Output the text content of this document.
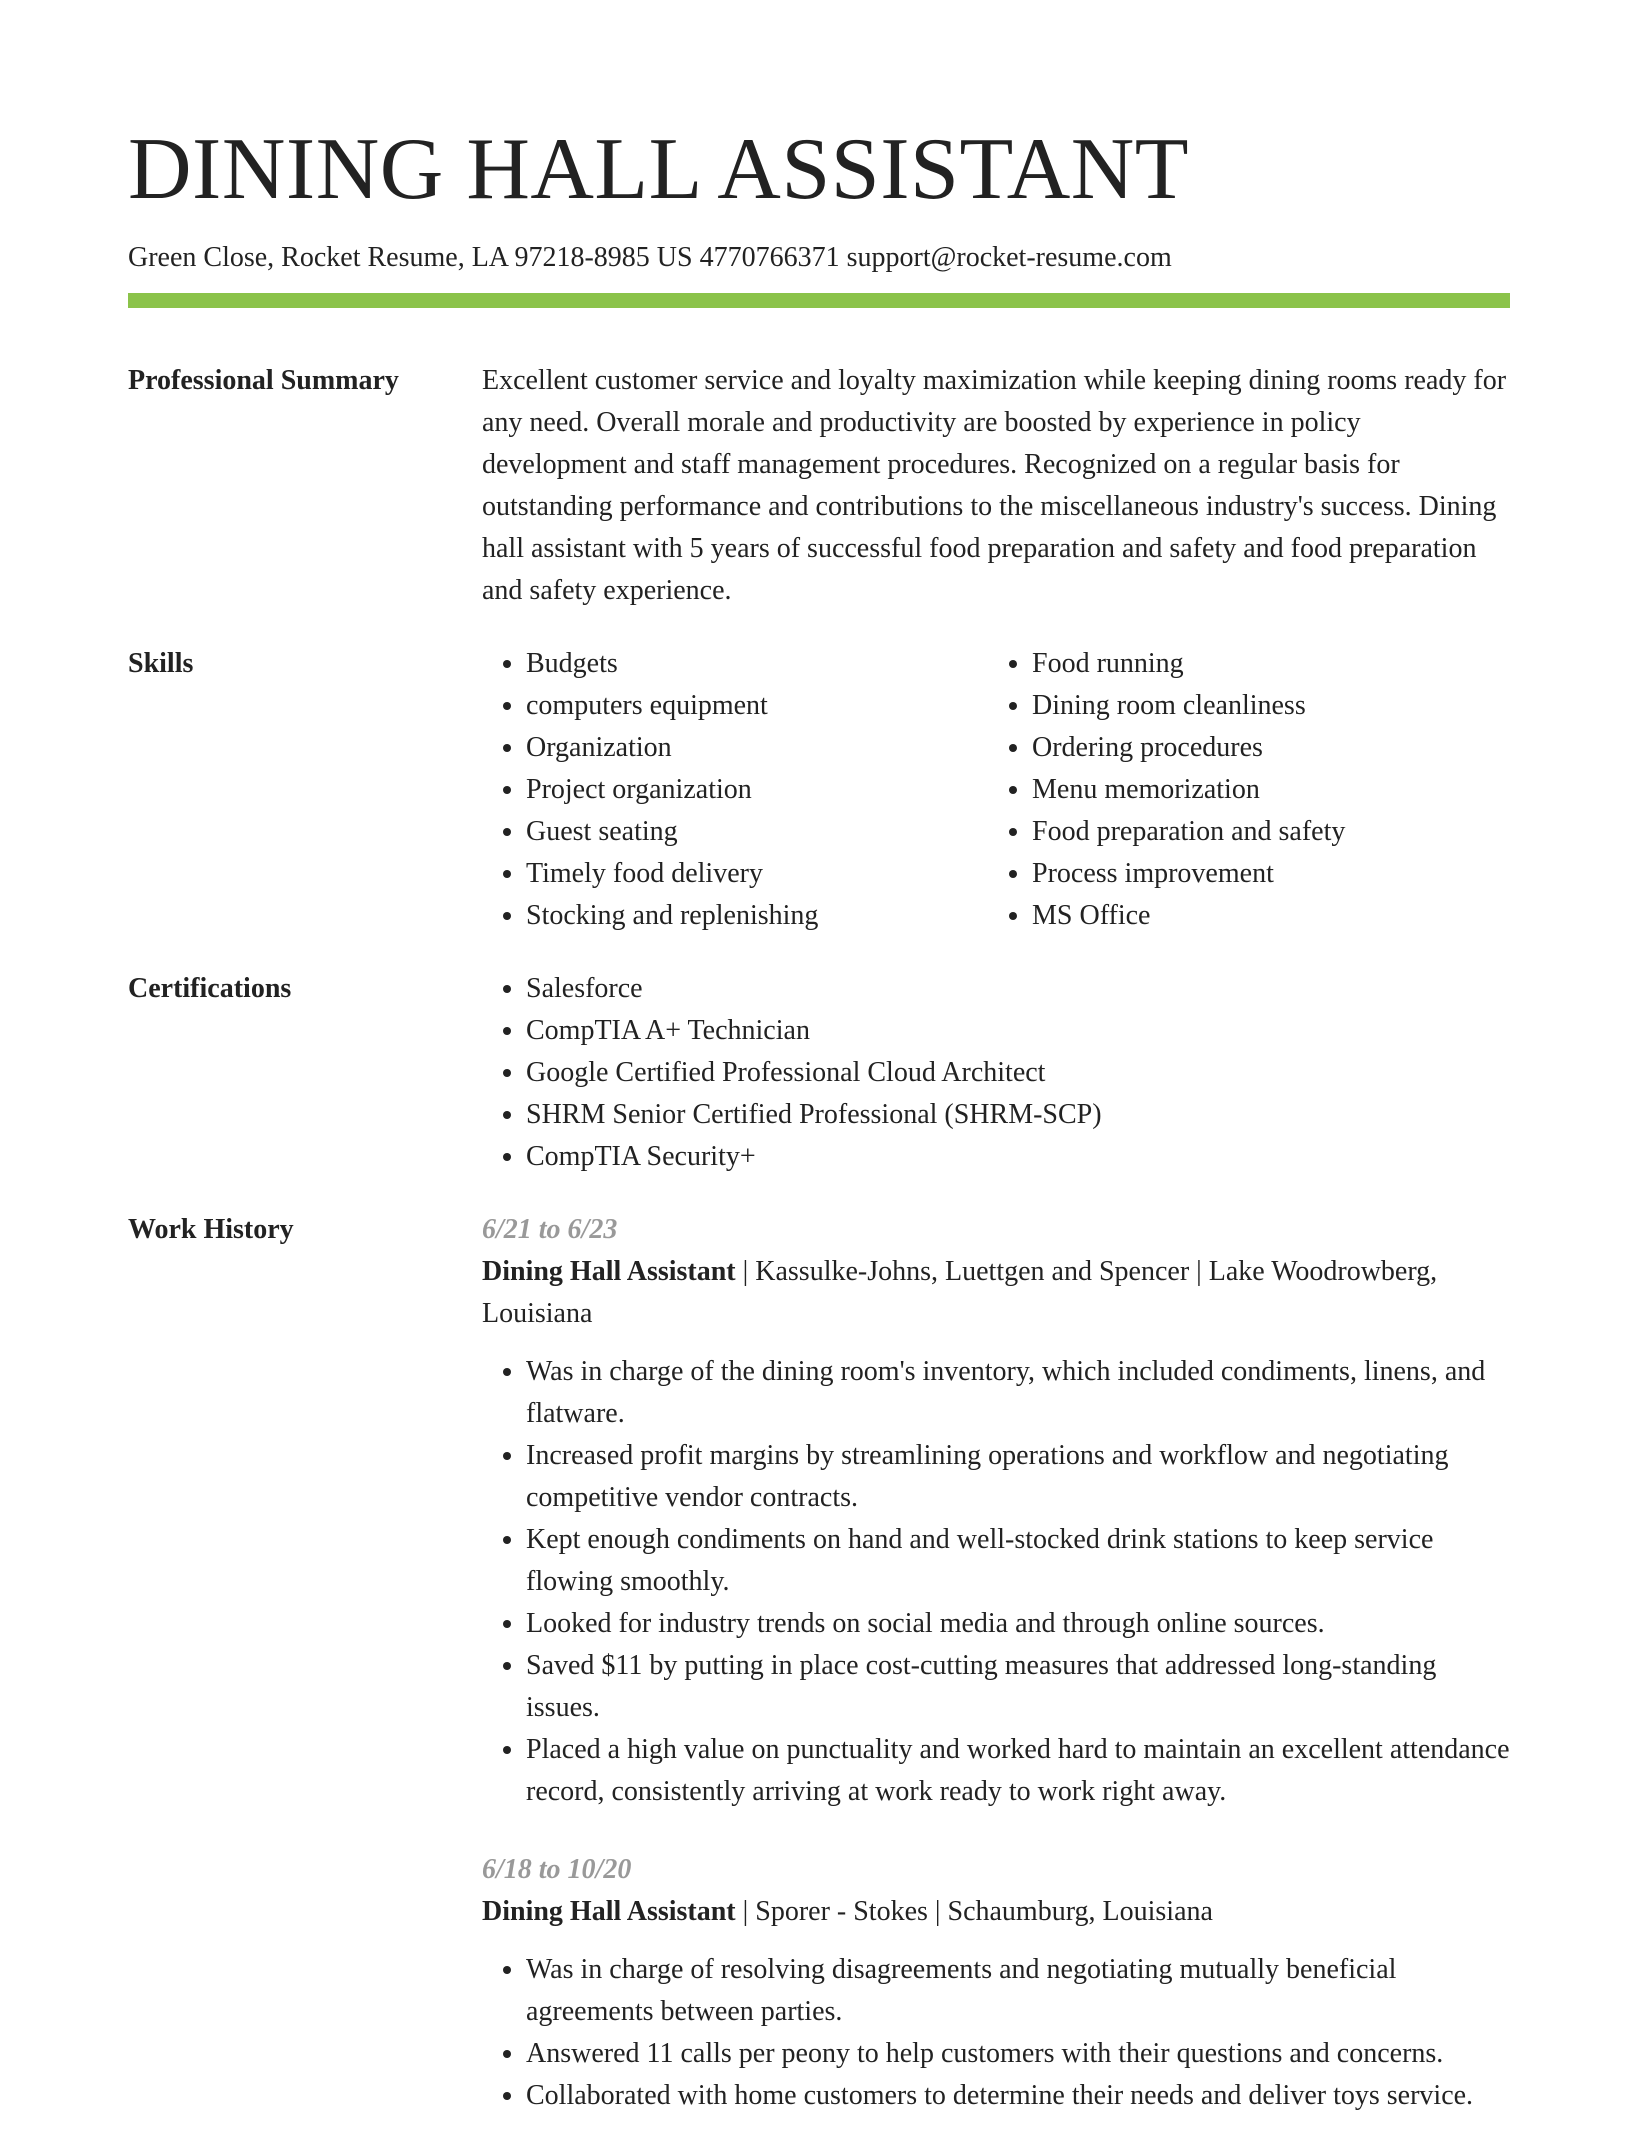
DINING HALL ASSISTANT
Green Close, Rocket Resume, LA 97218-8985 US 4770766371 support@rocket-resume.com
Professional Summary	Excellent customer service and loyalty maximization while keeping dining rooms ready for any need. Overall morale and productivity are boosted by experience in policy development and staff management procedures. Recognized on a regular basis for outstanding performance and contributions to the miscellaneous industry's success. Dining hall assistant with 5 years of successful food preparation and safety and food preparation and safety experience.

Skills	• Budgets
• computers equipment
• Organization
• Project organization
• Guest seating
• Timely food delivery
• Stocking and replenishing
• Food running
• Dining room cleanliness
• Ordering procedures
• Menu memorization
• Food preparation and safety
• Process improvement
• MS Office
Certifications	• Salesforce
• CompTIA A+ Technician
• Google Certified Professional Cloud Architect
• SHRM Senior Certified Professional (SHRM-SCP)
• CompTIA Security+
Work History	6/21 to 6/23
Dining Hall Assistant | Kassulke-Johns, Luettgen and Spencer | Lake Woodrowberg, Louisiana
• Was in charge of the dining room's inventory, which included condiments, linens, and flatware.
• Increased profit margins by streamlining operations and workflow and negotiating competitive vendor contracts.
• Kept enough condiments on hand and well-stocked drink stations to keep service flowing smoothly.
• Looked for industry trends on social media and through online sources.
• Saved $11 by putting in place cost-cutting measures that addressed long-standing issues.
• Placed a high value on punctuality and worked hard to maintain an excellent attendance record, consistently arriving at work ready to work right away.
6/18 to 10/20
Dining Hall Assistant | Sporer - Stokes | Schaumburg, Louisiana
• Was in charge of resolving disagreements and negotiating mutually beneficial agreements between parties.
• Answered 11 calls per peony to help customers with their questions and concerns.
• Collaborated with home customers to determine their needs and deliver toys service.
